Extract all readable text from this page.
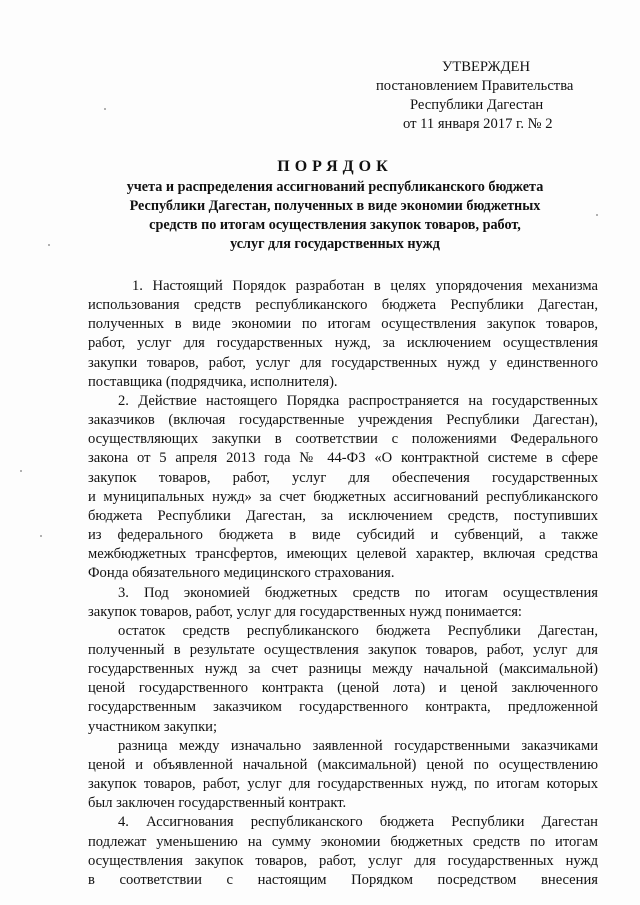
УТВЕРЖДЕН
постановлением Правительства
Республики Дагестан
от 11 января 2017 г. № 2
ПОРЯДОК
учета и распределения ассигнований республиканского бюджета
Республики Дагестан, полученных в виде экономии бюджетных
средств по итогам осуществления закупок товаров, работ,
услуг для государственных нужд
1. Настоящий Порядок разработан в целях упорядочения механизма
использования средств республиканского бюджета Республики Дагестан,
полученных в виде экономии по итогам осуществления закупок товаров,
работ, услуг для государственных нужд, за исключением осуществления
закупки товаров, работ, услуг для государственных нужд у единственного
поставщика (подрядчика, исполнителя).
2. Действие настоящего Порядка распространяется на государственных
заказчиков (включая государственные учреждения Республики Дагестан),
осуществляющих закупки в соответствии с положениями Федерального
закона от 5 апреля 2013 года № 44-ФЗ «О контрактной системе в сфере
закупок товаров, работ, услуг для обеспечения государственных
и муниципальных нужд» за счет бюджетных ассигнований республиканского
бюджета Республики Дагестан, за исключением средств, поступивших
из федерального бюджета в виде субсидий и субвенций, а также
межбюджетных трансфертов, имеющих целевой характер, включая средства
Фонда обязательного медицинского страхования.
3. Под экономией бюджетных средств по итогам осуществления
закупок товаров, работ, услуг для государственных нужд понимается:
остаток средств республиканского бюджета Республики Дагестан,
полученный в результате осуществления закупок товаров, работ, услуг для
государственных нужд за счет разницы между начальной (максимальной)
ценой государственного контракта (ценой лота) и ценой заключенного
государственным заказчиком государственного контракта, предложенной
участником закупки;
разница между изначально заявленной государственными заказчиками
ценой и объявленной начальной (максимальной) ценой по осуществлению
закупок товаров, работ, услуг для государственных нужд, по итогам которых
был заключен государственный контракт.
4. Ассигнования республиканского бюджета Республики Дагестан
подлежат уменьшению на сумму экономии бюджетных средств по итогам
осуществления закупок товаров, работ, услуг для государственных нужд
в соответствии с настоящим Порядком посредством внесения
